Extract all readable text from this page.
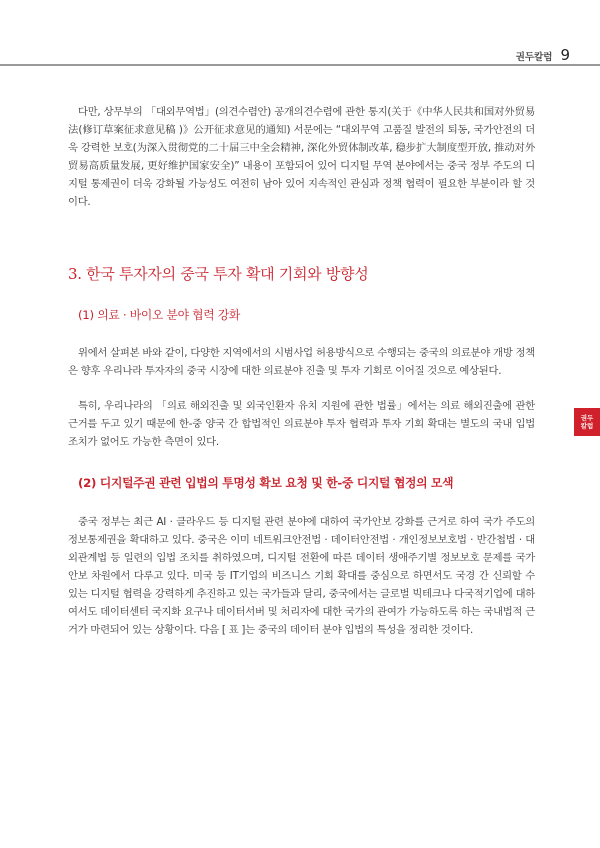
권두칼럼 9
권두
칼럼

다만, 상무부의 「대외무역법」(의견수렴안) 공개의견수렴에 관한 통지(关于《中华人民共和国对外贸易法(修订草案征求意见稿 )》公开征求意见的通知) 서문에는 “대외무역 고품질 발전의 퇴동, 국가안전의 더욱 강력한 보호(为深入贯彻党的二十届三中全会精神, 深化外贸体制改革, 稳步扩大制度型开放, 推动对外贸易高质量发展, 更好维护国家安全)” 내용이 포함되어 있어 디지털 무역 분야에서는 중국 정부 주도의 디지털 통제권이 더욱 강화될 가능성도 여전히 남아 있어 지속적인 관심과 정책 협력이 필요한 부분이라 할 것이다.

3. 한국 투자자의 중국 투자 확대 기회와 방향성
(1) 의료 · 바이오 분야 협력 강화

위에서 살펴본 바와 같이, 다양한 지역에서의 시범사업 허용방식으로 수행되는 중국의 의료분야 개방 정책은 향후 우리나라 투자자의 중국 시장에 대한 의료분야 진출 및 투자 기회로 이어질 것으로 예상된다.

특히, 우리나라의 「의료 해외진출 및 외국인환자 유치 지원에 관한 법률」에서는 의료 해외진출에 관한 근거를 두고 있기 때문에 한-중 양국 간 합법적인 의료분야 투자 협력과 투자 기회 확대는 별도의 국내 입법 조치가 없어도 가능한 측면이 있다.

(2) 디지털주권 관련 입법의 투명성 확보 요청 및 한-중 디지털 협정의 모색

중국 정부는 최근 AI · 클라우드 등 디지털 관련 분야에 대하여 국가안보 강화를 근거로 하여 국가 주도의 정보통제권을 확대하고 있다. 중국은 이미 네트워크안전법 · 데이터안전법 · 개인정보보호법 · 반간첩법 · 대외관계법 등 일련의 입법 조치를 취하였으며, 디지털 전환에 따른 데이터 생애주기별 정보보호 문제를 국가안보 차원에서 다루고 있다. 미국 등 IT기업의 비즈니스 기회 확대를 중심으로 하면서도 국경 간 신뢰할 수 있는 디지털 협력을 강력하게 추진하고 있는 국가들과 달리, 중국에서는 글로벌 빅테크나 다국적기업에 대하여서도 데이터센터 국지화 요구나 데이터서버 및 처리자에 대한 국가의 관여가 가능하도록 하는 국내법적 근거가 마련되어 있는 상황이다. 다음 [ 표 ]는 중국의 데이터 분야 입법의 특성을 정리한 것이다.
